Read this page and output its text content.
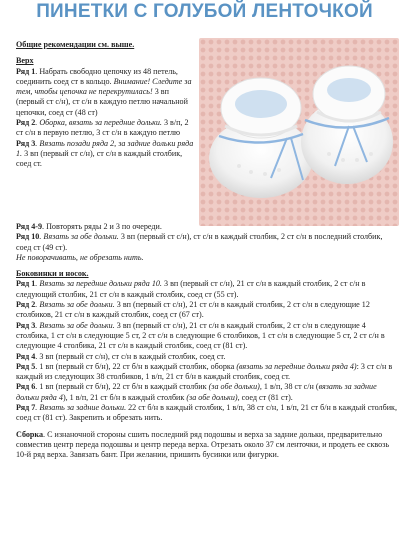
ПИНЕТКИ С ГОЛУБОЙ ЛЕНТОЧКОЙ

Общие рекомендации см. выше.

Верх

Ряд 1. Набрать свободно цепочку из 48 петель, соединить соед ст в кольцо. Внимание! Следите за тем, чтобы цепочка не перекрутилась! 3 вп (первый ст с/н), ст с/н в каждую петлю начальной цепочки, соед ст (48 ст)

Ряд 2. Оборка, вязать за передние дольки. 3 в/п, 2 ст с/н в первую петлю, 3 ст с/н в каждую петлю

Ряд 3. Вязать позади ряда 2, за задние дольки ряда 1. 3 вп (первый ст с/н), ст с/н в каждый столбик, соед ст.

Ряд 4-9. Повторять ряды 2 и 3 по очереди.

Ряд 10. Вязать за обе дольки. 3 вп (первый ст с/н), ст с/н в каждый столбик, 2 ст с/н в последний столбик, соед ст (49 ст).

Не поворачивать, не обрезать нить.

Боковинки и носок.

Ряд 1. Вязать за передние дольки ряда 10. 3 вп (первый ст с/н), 21 ст с/н в каждый столбик, 2 ст с/н в следующий столбик, 21 ст с/н в каждый столбик, соед ст (55 ст).

Ряд 2. Вязать за обе дольки. 3 вп (первый ст с/н), 21 ст с/н в каждый столбик, 2 ст с/н в следующие 12 столбиков, 21 ст с/н в каждый столбик, соед ст (67 ст).

Ряд 3. Вязать за обе дольки. 3 вп (первый ст с/н), 21 ст с/н в каждый столбик, 2 ст с/н в следующие 4 столбика, 1 ст с/н в следующие 5 ст, 2 ст с/н в следующие 6 столбиков, 1 ст с/н в следующие 5 ст, 2 ст с/н в следующие 4 столбика, 21 ст с/н в каждый столбик, соед ст (81 ст).

Ряд 4. 3 вп (первый ст с/н), ст с/н в каждый столбик, соед ст.

Ряд 5. 1 вп (первый ст б/н), 22 ст б/н в каждый столбик, оборка (вязать за передние дольки ряда 4): 3 ст с/н в каждый из следующих 38 столбиков, 1 в/п, 21 ст б/н в каждый столбик, соед ст.

Ряд 6. 1 вп (первый ст б/н), 22 ст б/н в каждый столбик (за обе дольки), 1 в/п, 38 ст с/н (вязать за задние дольки ряда 4), 1 в/п, 21 ст б/н в каждый столбик (за обе дольки), соед ст (81 ст).

Ряд 7. Вязать за задние дольки. 22 ст б/н в каждый столбик, 1 в/п, 38 ст с/н, 1 в/п, 21 ст б/н в каждый столбик, соед ст (81 ст). Закрепить и обрезать нить.

Сборка. С изнаночной стороны сшить последний ряд подошвы и верха за задние дольки, предварительно совместив центр переда подошвы и центр переда верха. Отрезать около 37 см ленточки, и продеть ее сквозь 10-й ряд верха. Завязать бант. При желании, пришить бусинки или фигурки.
